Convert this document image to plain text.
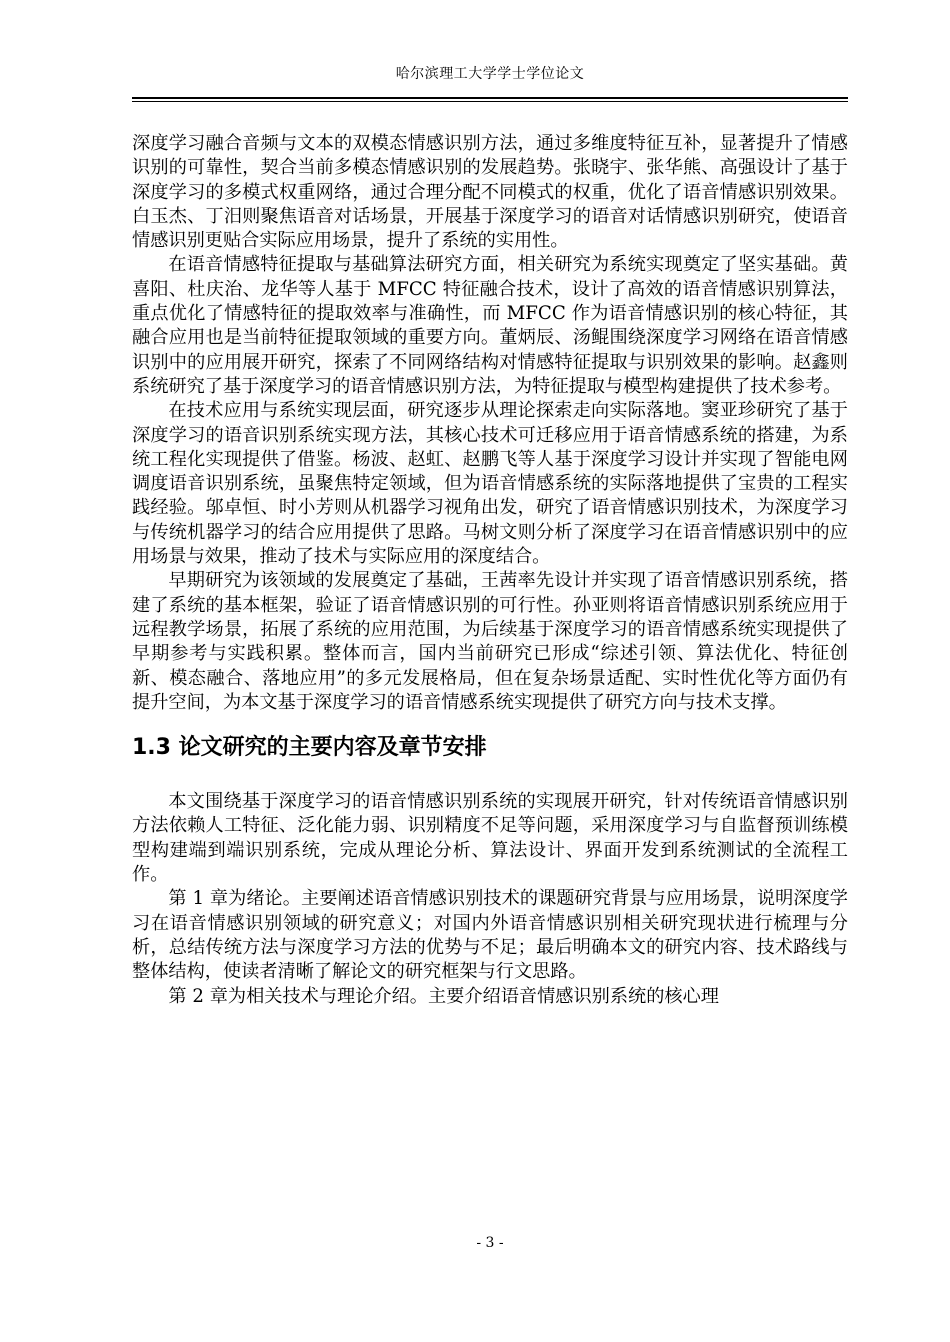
哈尔滨理工大学学士学位论文

深度学习融合音频与文本的双模态情感识别方法，通过多维度特征互补，显著提升了情感识别的可靠性，契合当前多模态情感识别的发展趋势。张晓宇、张华熊、高强设计了基于深度学习的多模式权重网络，通过合理分配不同模式的权重，优化了语音情感识别效果。白玉杰、丁汨则聚焦语音对话场景，开展基于深度学习的语音对话情感识别研究，使语音情感识别更贴合实际应用场景，提升了系统的实用性。

在语音情感特征提取与基础算法研究方面，相关研究为系统实现奠定了坚实基础。黄喜阳、杜庆治、龙华等人基于 MFCC 特征融合技术，设计了高效的语音情感识别算法，重点优化了情感特征的提取效率与准确性，而 MFCC 作为语音情感识别的核心特征，其融合应用也是当前特征提取领域的重要方向。董炳辰、汤鲲围绕深度学习网络在语音情感识别中的应用展开研究，探索了不同网络结构对情感特征提取与识别效果的影响。赵鑫则系统研究了基于深度学习的语音情感识别方法，为特征提取与模型构建提供了技术参考。

在技术应用与系统实现层面，研究逐步从理论探索走向实际落地。窦亚珍研究了基于深度学习的语音识别系统实现方法，其核心技术可迁移应用于语音情感系统的搭建，为系统工程化实现提供了借鉴。杨波、赵虹、赵鹏飞等人基于深度学习设计并实现了智能电网调度语音识别系统，虽聚焦特定领域，但为语音情感系统的实际落地提供了宝贵的工程实践经验。邬卓恒、时小芳则从机器学习视角出发，研究了语音情感识别技术，为深度学习与传统机器学习的结合应用提供了思路。马树文则分析了深度学习在语音情感识别中的应用场景与效果，推动了技术与实际应用的深度结合。

早期研究为该领域的发展奠定了基础，王茜率先设计并实现了语音情感识别系统，搭建了系统的基本框架，验证了语音情感识别的可行性。孙亚则将语音情感识别系统应用于远程教学场景，拓展了系统的应用范围，为后续基于深度学习的语音情感系统实现提供了早期参考与实践积累。整体而言，国内当前研究已形成“综述引领、算法优化、特征创新、模态融合、落地应用”的多元发展格局，但在复杂场景适配、实时性优化等方面仍有提升空间，为本文基于深度学习的语音情感系统实现提供了研究方向与技术支撑。

1.3 论文研究的主要内容及章节安排

本文围绕基于深度学习的语音情感识别系统的实现展开研究，针对传统语音情感识别方法依赖人工特征、泛化能力弱、识别精度不足等问题，采用深度学习与自监督预训练模型构建端到端识别系统，完成从理论分析、算法设计、界面开发到系统测试的全流程工作。

第 1 章为绪论。主要阐述语音情感识别技术的课题研究背景与应用场景，说明深度学习在语音情感识别领域的研究意义；对国内外语音情感识别相关研究现状进行梳理与分析，总结传统方法与深度学习方法的优势与不足；最后明确本文的研究内容、技术路线与整体结构，使读者清晰了解论文的研究框架与行文思路。

第 2 章为相关技术与理论介绍。主要介绍语音情感识别系统的核心理

- 3 -
